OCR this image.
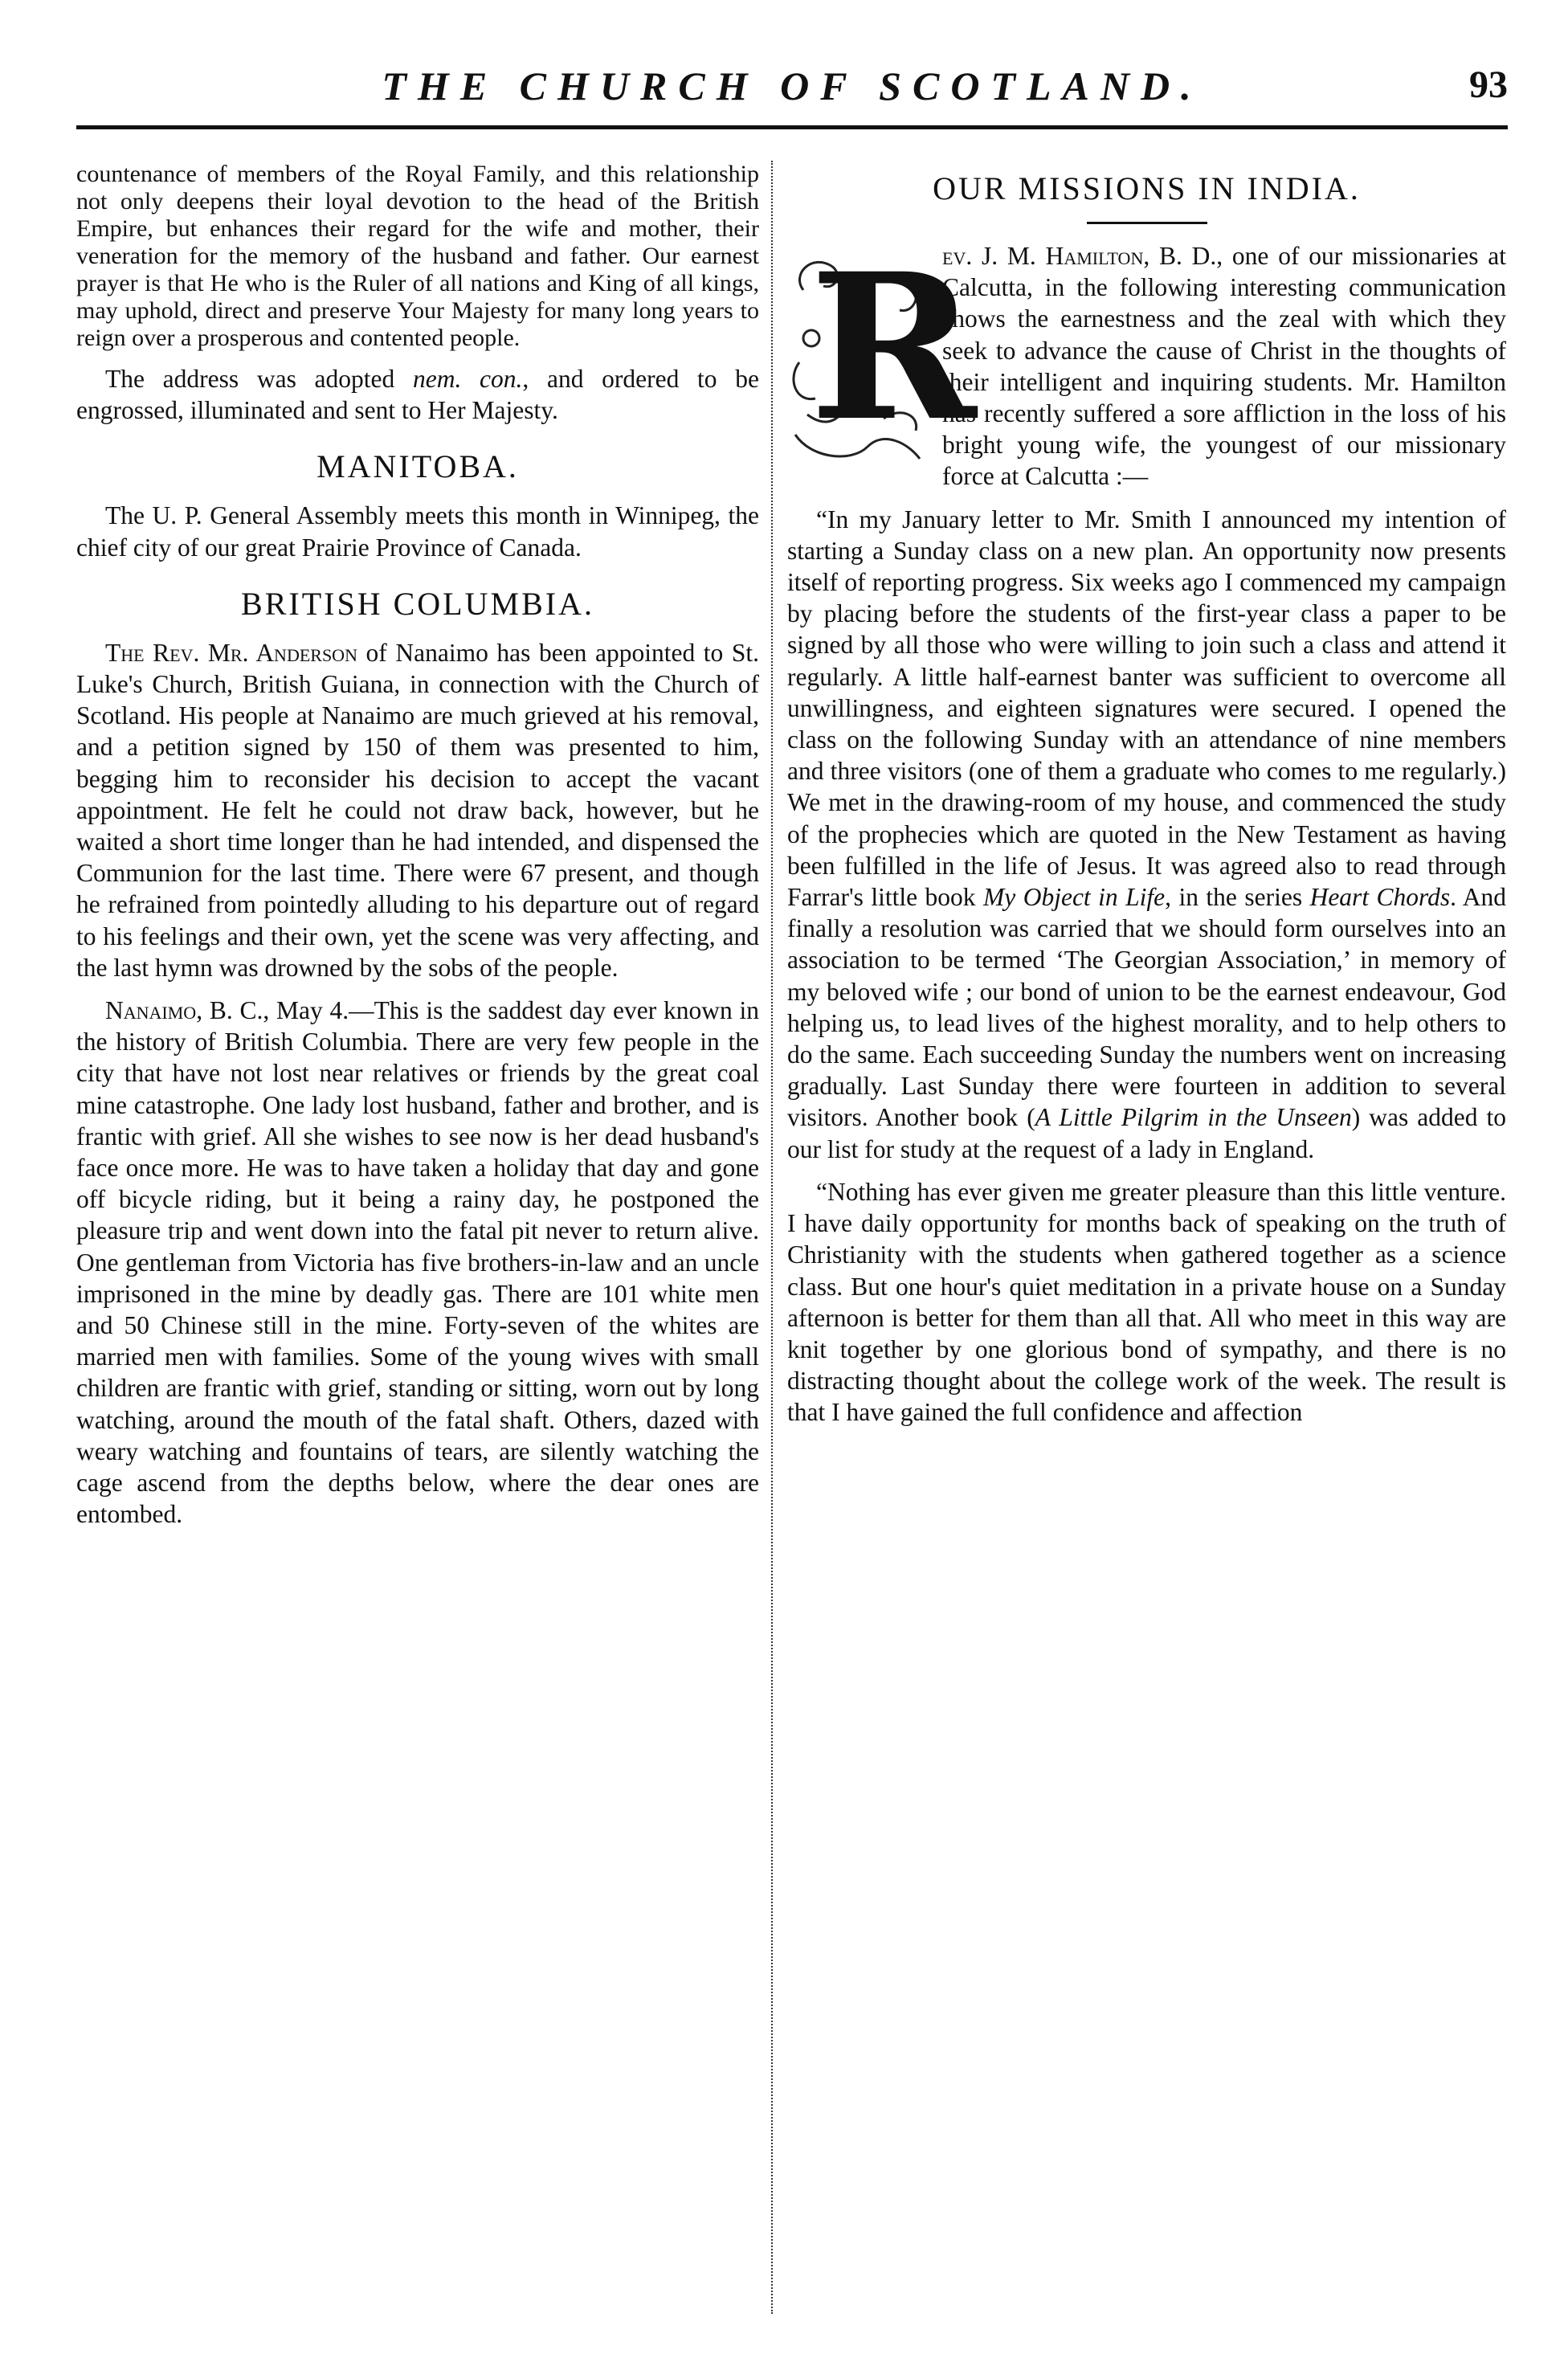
THE CHURCH OF SCOTLAND.	93

countenance of members of the Royal Family, and this relationship not only deepens their loyal devotion to the head of the British Empire, but enhances their regard for the wife and mother, their veneration for the memory of the husband and father. Our earnest prayer is that He who is the Ruler of all nations and King of all kings, may uphold, direct and preserve Your Majesty for many long years to reign over a prosperous and contented people.

The address was adopted nem. con., and ordered to be engrossed, illuminated and sent to Her Majesty.

MANITOBA.

The U. P. General Assembly meets this month in Winnipeg, the chief city of our great Prairie Province of Canada.

BRITISH COLUMBIA.

The Rev. Mr. Anderson of Nanaimo has been appointed to St. Luke's Church, British Guiana, in connection with the Church of Scotland. His people at Nanaimo are much grieved at his removal, and a petition signed by 150 of them was presented to him, begging him to reconsider his decision to accept the vacant appointment. He felt he could not draw back, however, but he waited a short time longer than he had intended, and dispensed the Communion for the last time. There were 67 present, and though he refrained from pointedly alluding to his departure out of regard to his feelings and their own, yet the scene was very affecting, and the last hymn was drowned by the sobs of the people.

Nanaimo, B. C., May 4.—This is the saddest day ever known in the history of British Columbia. There are very few people in the city that have not lost near relatives or friends by the great coal mine catastrophe. One lady lost husband, father and brother, and is frantic with grief. All she wishes to see now is her dead husband's face once more. He was to have taken a holiday that day and gone off bicycle riding, but it being a rainy day, he postponed the pleasure trip and went down into the fatal pit never to return alive. One gentleman from Victoria has five brothers-in-law and an uncle imprisoned in the mine by deadly gas. There are 101 white men and 50 Chinese still in the mine. Forty-seven of the whites are married men with families. Some of the young wives with small children are frantic with grief, standing or sitting, worn out by long watching, around the mouth of the fatal shaft. Others, dazed with weary watching and fountains of tears, are silently watching the cage ascend from the depths below, where the dear ones are entombed.

OUR MISSIONS IN INDIA.
R

ev. J. M. Hamilton, B. D., one of our missionaries at Calcutta, in the following interesting communication shows the earnestness and the zeal with which they seek to advance the cause of Christ in the thoughts of their intelligent and inquiring students. Mr. Hamilton has recently suffered a sore affliction in the loss of his bright young wife, the youngest of our missionary force at Calcutta :—

“In my January letter to Mr. Smith I announced my intention of starting a Sunday class on a new plan. An opportunity now presents itself of reporting progress. Six weeks ago I commenced my campaign by placing before the students of the first-year class a paper to be signed by all those who were willing to join such a class and attend it regularly. A little half-earnest banter was sufficient to overcome all unwillingness, and eighteen signatures were secured. I opened the class on the following Sunday with an attendance of nine members and three visitors (one of them a graduate who comes to me regularly.) We met in the drawing-room of my house, and commenced the study of the prophecies which are quoted in the New Testament as having been fulfilled in the life of Jesus. It was agreed also to read through Farrar's little book My Object in Life, in the series Heart Chords. And finally a resolution was carried that we should form ourselves into an association to be termed ‘The Georgian Association,’ in memory of my beloved wife ; our bond of union to be the earnest endeavour, God helping us, to lead lives of the highest morality, and to help others to do the same. Each succeeding Sunday the numbers went on increasing gradually. Last Sunday there were fourteen in addition to several visitors. Another book (A Little Pilgrim in the Unseen) was added to our list for study at the request of a lady in England.

“Nothing has ever given me greater pleasure than this little venture. I have daily opportunity for months back of speaking on the truth of Christianity with the students when gathered together as a science class. But one hour's quiet meditation in a private house on a Sunday afternoon is better for them than all that. All who meet in this way are knit together by one glorious bond of sympathy, and there is no distracting thought about the college work of the week. The result is that I have gained the full confidence and affection
